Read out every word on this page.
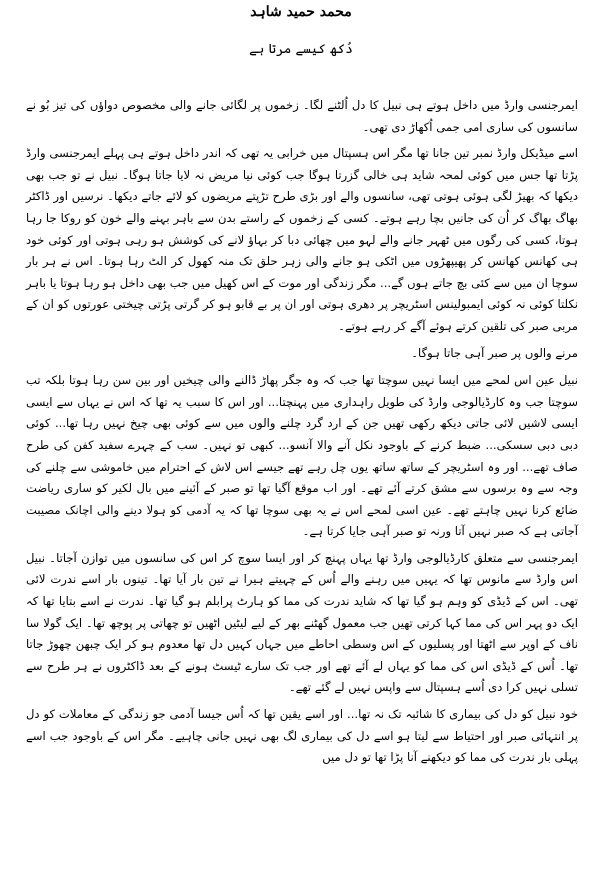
محمد حمید شاہد
دُکھ کیسے مرتا ہے

ایمرجنسی وارڈ میں داخل ہوتے ہی نبیل کا دل اُلٹنے لگا۔ زخموں پر لگائی جانے والی مخصوص دواؤں کی تیز بُو نے سانسوں کی ساری امی جمی اُکھاڑ دی تھی۔

اسے میڈیکل وارڈ نمبر تین جانا تھا مگر اس ہسپتال میں خرابی یہ تھی کہ اندر داخل ہوتے ہی پہلے ایمرجنسی وارڈ پڑتا تھا جس میں کوئی لمحہ شاید ہی خالی گزرتا ہوگا جب کوئی نیا مریض نہ لایا جاتا ہوگا۔ نبیل نے تو جب بھی دیکھا کہ بھیڑ لگی ہوئی ہوتی تھی، سانسوں والے اور بڑی طرح تڑپتے مریضوں کو لائے جاتے دیکھا۔ نرسیں اور ڈاکٹر بھاگ بھاگ کر اُن کی جانیں بچا رہے ہوتے۔ کسی کے زخموں کے راستے بدن سے باہر بہنے والے خون کو روکا جا رہا ہوتا، کسی کی رگوں میں ٹھہر جانے والے لہو میں چھائی دبا کر بہاؤ لانے کی کوشش ہو رہی ہوتی اور کوئی خود ہی کھانس کھانس کر پھیپھڑوں میں اٹکی ہو جانے والی زہر حلق تک منہ کھول کر الٹ رہا ہوتا۔ اس نے ہر بار سوچا ان میں سے کئی بچ جاتے ہوں گے... مگر زندگی اور موت کے اس کھیل میں جب بھی داخل ہو رہا ہوتا یا باہر نکلتا کوئی نہ کوئی ایمبولینس اسٹریچر پر دھری ہوتی اور ان پر بے قابو ہو کر گرتی پڑتی چیختی عورتوں کو ان کے مربی صبر کی تلقین کرتے ہوئے آگے کر رہے ہوتے۔

مرنے والوں پر صبر آہی جاتا ہوگا۔

نبیل عین اس لمحے میں ایسا نہیں سوچتا تھا جب کہ وہ جگر پھاڑ ڈالنے والی چیخیں اور بین سن رہا ہوتا بلکہ تب سوچتا جب وہ کارڈیالوجی وارڈ کی طویل راہداری میں پہنچتا... اور اس کا سبب یہ تھا کہ اس نے یہاں سے ایسی ایسی لاشیں لائی جاتی دیکھ رکھی تھیں جن کے ارد گرد چلنے والوں میں سے کوئی بھی چیخ نہیں رہا تھا... کوئی دبی دبی سسکی... ضبط کرنے کے باوجود نکل آنے والا آنسو... کبھی تو نہیں۔ سب کے چہرے سفید کفن کی طرح صاف تھے... اور وہ اسٹریچر کے ساتھ ساتھ یوں چل رہے تھے جیسے اس لاش کے احترام میں خاموشی سے چلنے کی وجہ سے وہ برسوں سے مشق کرتے آئے تھے۔ اور اب موقع آگیا تھا تو صبر کے آئینے میں بال لکیر کو ساری ریاضت ضائع کرنا نہیں چاہتے تھے۔ عین اسی لمحے اس نے یہ بھی سوچا تھا کہ یہ آدمی کو ہولا دینے والی اچانک مصیبت آجاتی ہے کہ صبر نہیں آتا ورنہ تو صبر آہی جایا کرتا ہے۔

ایمرجنسی سے متعلق کارڈیالوجی وارڈ تھا یہاں پہنچ کر اور ایسا سوچ کر اس کی سانسوں میں توازن آجاتا۔ نبیل اس وارڈ سے مانوس تھا کہ یہیں میں رہنے والے اُس کے چہیتے ہیرا نے تین بار آیا تھا۔ تینوں بار اسے ندرت لائی تھی۔ اس کے ڈیڈی کو وہم ہو گیا تھا کہ شاید ندرت کی مما کو ہارٹ پرابلم ہو گیا تھا۔ ندرت نے اسے بتایا تھا کہ ایک دو پہر اس کی مما کہا کرتی تھیں جب معمول گھٹنے بھر کے لیے لیٹیں اٹھیں تو چھاتی پر پوچھ تھا۔ ایک گولا سا ناف کے اوپر سے اٹھتا اور پسلیوں کے اس وسطی احاطے میں جہاں کہیں دل تھا معدوم ہو کر ایک چبھن چھوڑ جاتا تھا۔ اُس کے ڈیڈی اس کی مما کو یہاں لے آئے تھے اور جب تک سارے ٹیسٹ ہونے کے بعد ڈاکٹروں نے ہر طرح سے تسلی نہیں کرا دی اُسے ہسپتال سے واپس نہیں لے گئے تھے۔

خود نبیل کو دل کی بیماری کا شائبہ تک نہ تھا... اور اسے یقین تھا کہ اُس جیسا آدمی جو زندگی کے معاملات کو دل پر انتہائی صبر اور احتیاط سے لیتا ہو اسے دل کی بیماری لگ بھی نہیں جانی چاہیے۔ مگر اس کے باوجود جب اسے پہلی بار ندرت کی مما کو دیکھنے آنا پڑا تھا تو دل میں
